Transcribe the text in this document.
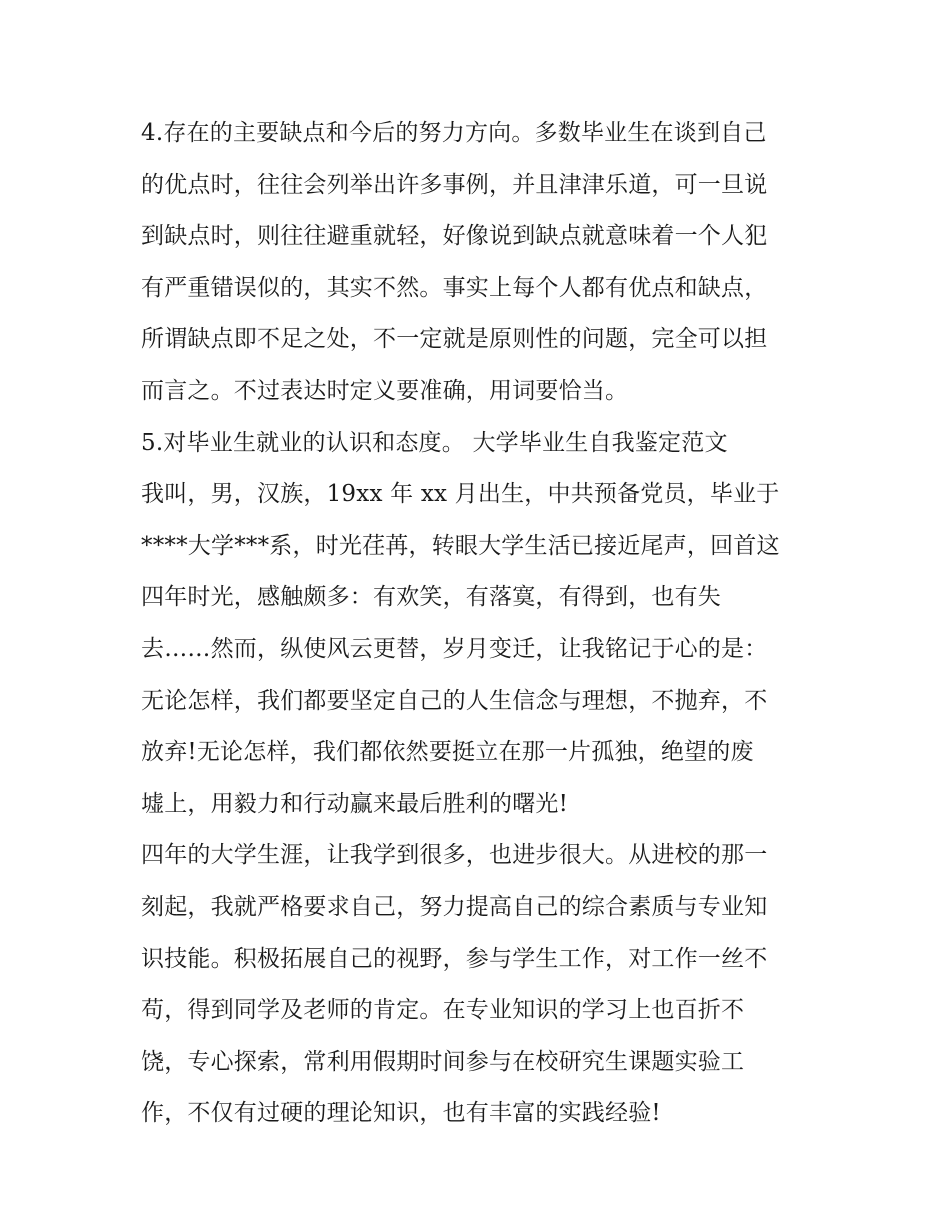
4.存在的主要缺点和今后的努力方向。多数毕业生在谈到自己
的优点时，往往会列举出许多事例，并且津津乐道，可一旦说
到缺点时，则往往避重就轻，好像说到缺点就意味着一个人犯
有严重错误似的，其实不然。事实上每个人都有优点和缺点，
所谓缺点即不足之处，不一定就是原则性的问题，完全可以担
而言之。不过表达时定义要准确，用词要恰当。
5.对毕业生就业的认识和态度。 大学毕业生自我鉴定范文
我叫，男，汉族，19xx 年 xx 月出生，中共预备党员，毕业于
****大学***系，时光荏苒，转眼大学生活已接近尾声，回首这
四年时光，感触颇多：有欢笑，有落寞，有得到，也有失
去……然而，纵使风云更替，岁月变迁，让我铭记于心的是：
无论怎样，我们都要坚定自己的人生信念与理想，不抛弃，不
放弃!无论怎样，我们都依然要挺立在那一片孤独，绝望的废
墟上，用毅力和行动赢来最后胜利的曙光!
四年的大学生涯，让我学到很多，也进步很大。从进校的那一
刻起，我就严格要求自己，努力提高自己的综合素质与专业知
识技能。积极拓展自己的视野，参与学生工作，对工作一丝不
苟，得到同学及老师的肯定。在专业知识的学习上也百折不
饶，专心探索，常利用假期时间参与在校研究生课题实验工
作，不仅有过硬的理论知识，也有丰富的实践经验!
